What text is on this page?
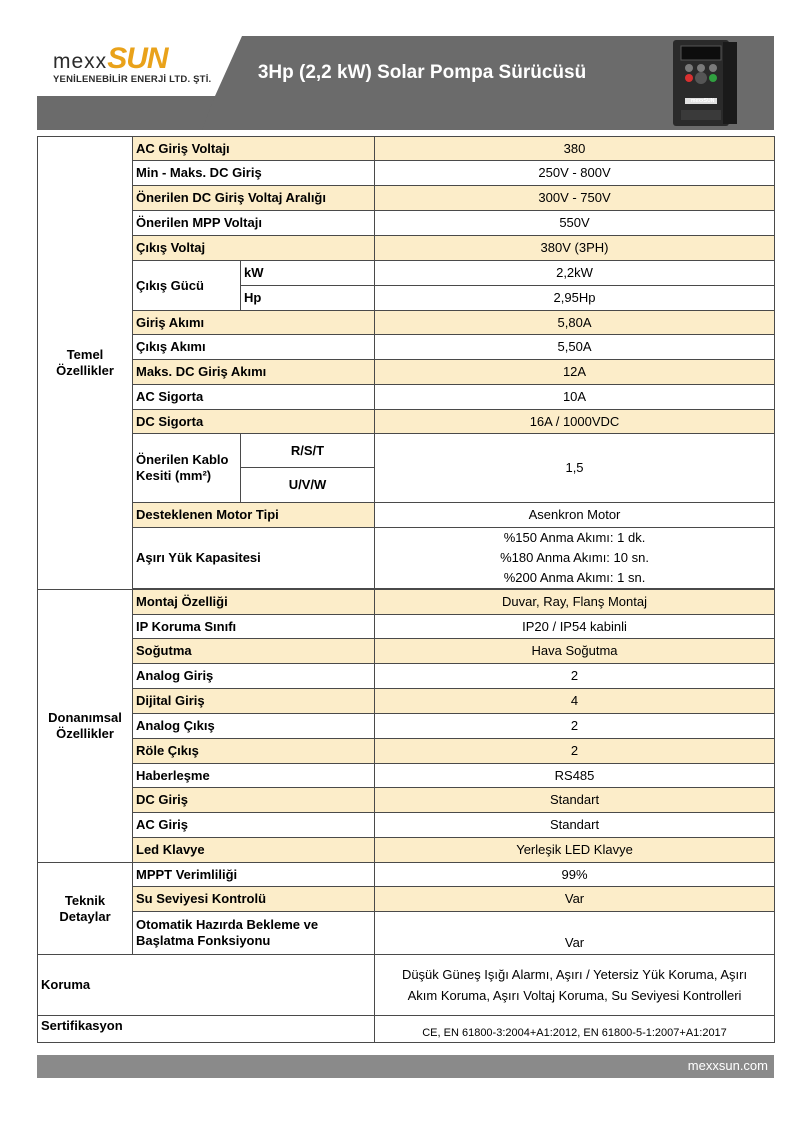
mexxSUN
YENİLENEBİLİR ENERJİ LTD. ŞTİ. 3Hp (2,2 kW) Solar Pompa Sürücüsü
mexxSUN
Temel Özellikler	AC Giriş Voltajı		380
	Min - Maks. DC Giriş		250V - 800V
	Önerilen DC Giriş Voltaj Aralığı		300V - 750V
	Önerilen MPP Voltajı		550V
	Çıkış Voltaj		380V (3PH)
	Çıkış Gücü	kW	2,2kW
		Hp	2,95Hp
	Giriş Akımı		5,80A
	Çıkış Akımı		5,50A
	Maks. DC Giriş Akımı		12A
	AC Sigorta		10A
	DC Sigorta		16A / 1000VDC

	Önerilen Kablo
Kesiti (mm²)	R/S/T	1,5
		U/V/W	
	Desteklenen Motor Tipi		Asenkron Motor
	Aşırı Yük Kapasitesi		%150 Anma Akımı: 1 dk.
%180 Anma Akımı: 10 sn.
%200 Anma Akımı: 1 sn.

Donanımsal Özellikler	Montaj Özelliği		Duvar, Ray, Flanş Montaj
	IP Koruma Sınıfı		IP20 / IP54 kabinli
	Soğutma		Hava Soğutma
	Analog Giriş		2
	Dijital Giriş		4
	Analog Çıkış		2
	Röle Çıkış		2
	Haberleşme		RS485
	DC Giriş		Standart
	AC Giriş		Standart
	Led Klavye		Yerleşik LED Klavye
Teknik Detaylar	MPPT Verimliliği		99%
	Su Seviyesi Kontrolü		Var

	Otomatik Hazırda Bekleme ve
Başlatma Fonksiyonu		Var
Koruma			Düşük Güneş Işığı Alarmı, Aşırı / Yetersiz Yük Koruma, Aşırı
Akım Koruma, Aşırı Voltaj Koruma, Su Seviyesi Kontrolleri

Sertifikasyon			CE, EN 61800-3:2004+A1:2012, EN 61800-5-1:2007+A1:2017
mexxsun.com
